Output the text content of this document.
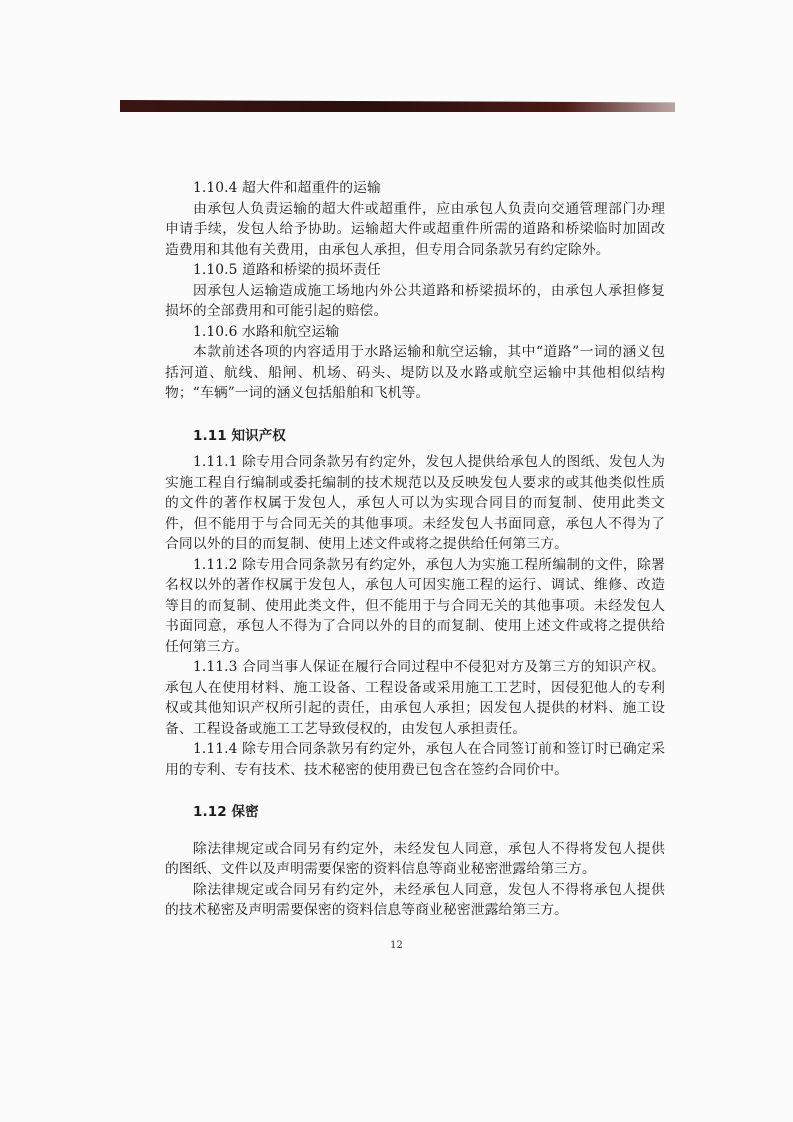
1.10.4 超大件和超重件的运输

由承包人负责运输的超大件或超重件，应由承包人负责向交通管理部门办理申请手续，发包人给予协助。运输超大件或超重件所需的道路和桥梁临时加固改造费用和其他有关费用，由承包人承担，但专用合同条款另有约定除外。

1.10.5 道路和桥梁的损坏责任

因承包人运输造成施工场地内外公共道路和桥梁损坏的，由承包人承担修复损坏的全部费用和可能引起的赔偿。

1.10.6 水路和航空运输

本款前述各项的内容适用于水路运输和航空运输，其中“道路”一词的涵义包括河道、航线、船闸、机场、码头、堤防以及水路或航空运输中其他相似结构物；“车辆”一词的涵义包括船舶和飞机等。

1.11 知识产权

1.11.1 除专用合同条款另有约定外，发包人提供给承包人的图纸、发包人为实施工程自行编制或委托编制的技术规范以及反映发包人要求的或其他类似性质的文件的著作权属于发包人，承包人可以为实现合同目的而复制、使用此类文件，但不能用于与合同无关的其他事项。未经发包人书面同意，承包人不得为了合同以外的目的而复制、使用上述文件或将之提供给任何第三方。

1.11.2 除专用合同条款另有约定外，承包人为实施工程所编制的文件，除署名权以外的著作权属于发包人，承包人可因实施工程的运行、调试、维修、改造等目的而复制、使用此类文件，但不能用于与合同无关的其他事项。未经发包人书面同意，承包人不得为了合同以外的目的而复制、使用上述文件或将之提供给任何第三方。

1.11.3 合同当事人保证在履行合同过程中不侵犯对方及第三方的知识产权。承包人在使用材料、施工设备、工程设备或采用施工工艺时，因侵犯他人的专利权或其他知识产权所引起的责任，由承包人承担；因发包人提供的材料、施工设备、工程设备或施工工艺导致侵权的，由发包人承担责任。

1.11.4 除专用合同条款另有约定外，承包人在合同签订前和签订时已确定采用的专利、专有技术、技术秘密的使用费已包含在签约合同价中。

1.12 保密

除法律规定或合同另有约定外，未经发包人同意，承包人不得将发包人提供的图纸、文件以及声明需要保密的资料信息等商业秘密泄露给第三方。

除法律规定或合同另有约定外，未经承包人同意，发包人不得将承包人提供的技术秘密及声明需要保密的资料信息等商业秘密泄露给第三方。

12
